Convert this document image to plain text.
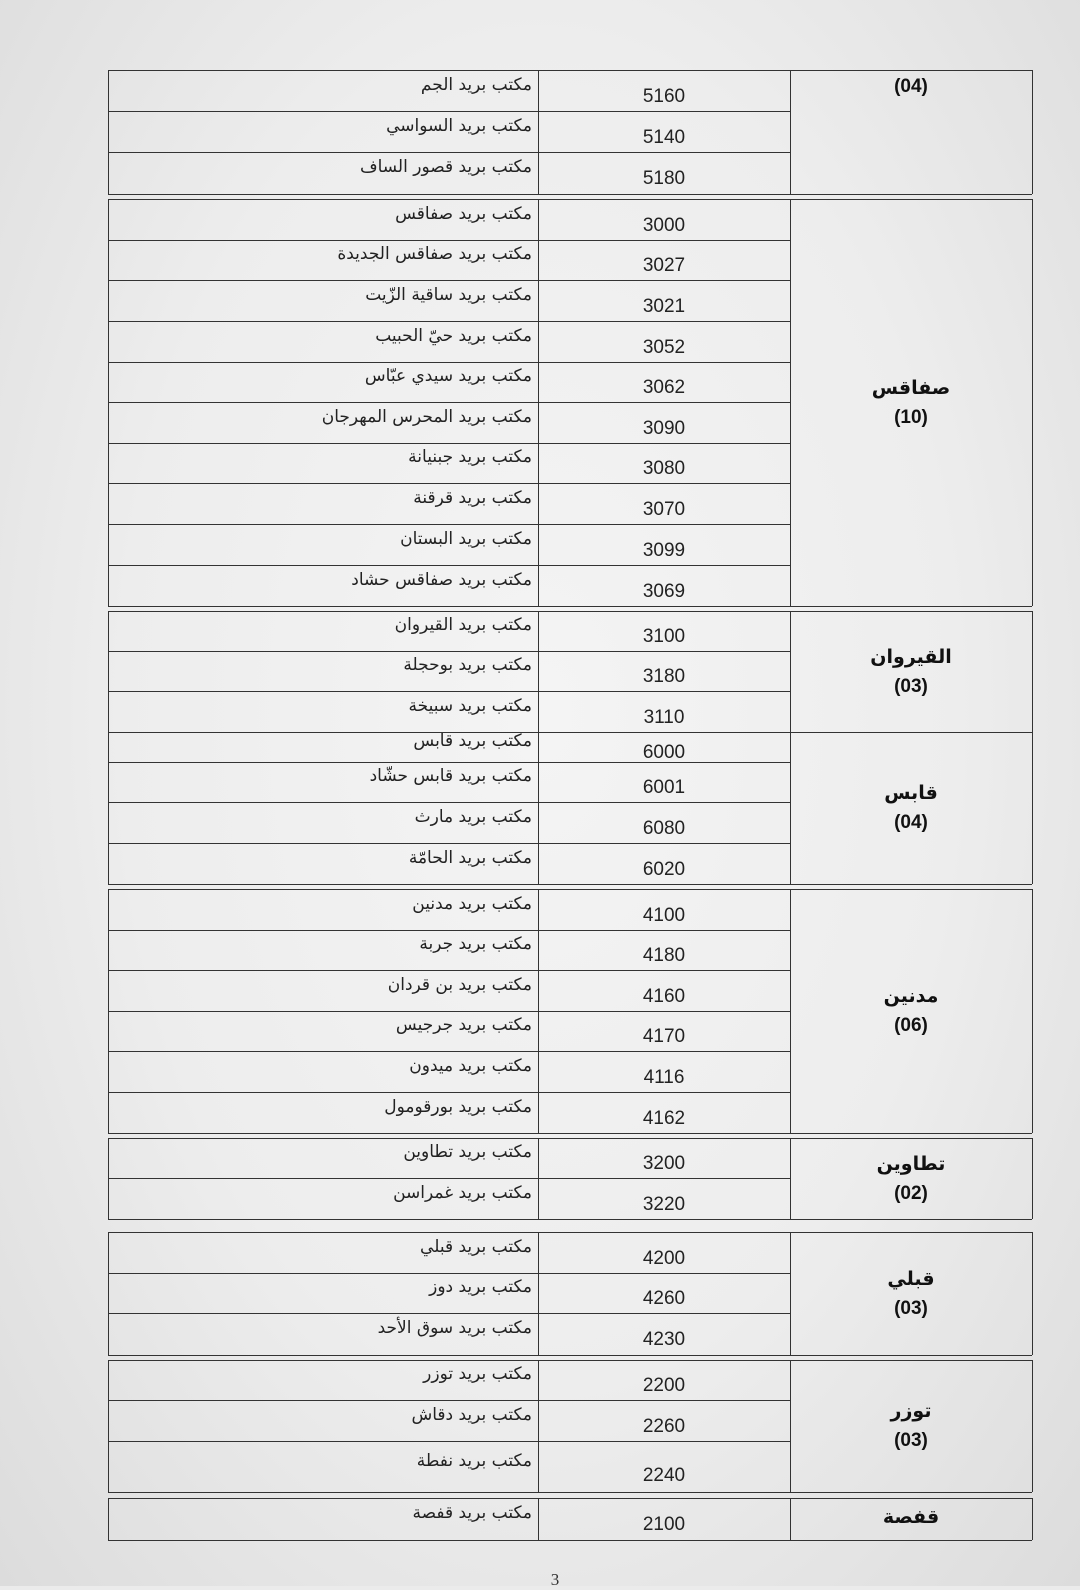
مكتب بريد الجم
5160
مكتب بريد السواسي
5140
مكتب بريد قصور الساف
5180
(04)
مكتب بريد صفاقس
3000
مكتب بريد صفاقس الجديدة
3027
مكتب بريد ساقية الزّيت
3021
مكتب بريد حيّ الحبيب
3052
مكتب بريد سيدي عبّاس
3062
مكتب بريد المحرس المهرجان
3090
مكتب بريد جبنيانة
3080
مكتب بريد قرقنة
3070
مكتب بريد البستان
3099
مكتب بريد صفاقس حشاد
3069
صفاقس
(10)
مكتب بريد القيروان
3100
مكتب بريد بوحجلة
3180
مكتب بريد سبيخة
3110
القيروان
(03)
مكتب بريد قابس
6000
مكتب بريد قابس حشّاد
6001
مكتب بريد مارث
6080
مكتب بريد الحامّة
6020
قابس
(04)
مكتب بريد مدنين
4100
مكتب بريد جربة
4180
مكتب بريد بن قردان
4160
مكتب بريد جرجيس
4170
مكتب بريد ميدون
4116
مكتب بريد بورقومول
4162
مدنين
(06)
مكتب بريد تطاوين
3200
مكتب بريد غمراسن
3220
تطاوين
(02)
مكتب بريد قبلي
4200
مكتب بريد دوز
4260
مكتب بريد سوق الأحد
4230
قبلي
(03)
مكتب بريد توزر
2200
مكتب بريد دقاش
2260
مكتب بريد نفطة
2240
توزر
(03)
مكتب بريد قفصة
2100	قفصة
3
